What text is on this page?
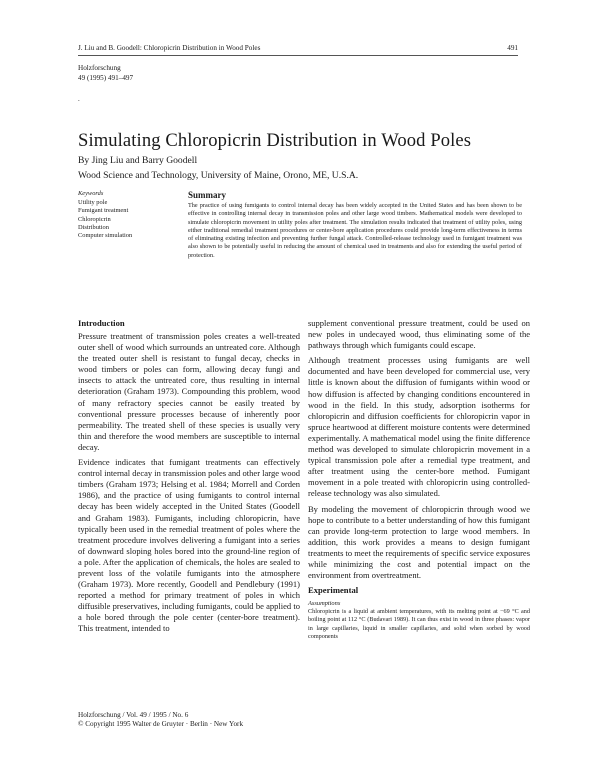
J. Liu and B. Goodell: Chloropicrin Distribution in Wood Poles	491
Holzforschung
49 (1995) 491–497
.
Simulating Chloropicrin Distribution in Wood Poles
By Jing Liu and Barry Goodell
Wood Science and Technology, University of Maine, Orono, ME, U.S.A.
Keywords
Utility pole
Fumigant treatment
Chloropicrin
Distribution
Computer simulation
Summary

The practice of using fumigants to control internal decay has been widely accepted in the United States and has been shown to be effective in controlling internal decay in transmission poles and other large wood timbers. Mathematical models were developed to simulate chloropicrin movement in utility poles after treatment. The simulation results indicated that treatment of utility poles, using either traditional remedial treatment procedures or center-bore application procedures could provide long-term effectiveness in terms of eliminating existing infection and preventing further fungal attack. Controlled-release technology used in fumigant treatment was also shown to be potentially useful in reducing the amount of chemical used in treatments and also for extending the useful period of protection.

Introduction

Pressure treatment of transmission poles creates a well-treated outer shell of wood which surrounds an untreated core. Although the treated outer shell is resistant to fungal decay, checks in wood timbers or poles can form, allowing decay fungi and insects to attack the untreated core, thus resulting in internal deterioration (Graham 1973). Compounding this problem, wood of many refractory species cannot be easily treated by conventional pressure processes because of inherently poor permeability. The treated shell of these species is usually very thin and therefore the wood members are susceptible to internal decay.

Evidence indicates that fumigant treatments can effectively control internal decay in transmission poles and other large wood timbers (Graham 1973; Helsing et al. 1984; Morrell and Corden 1986), and the practice of using fumigants to control internal decay has been widely accepted in the United States (Goodell and Graham 1983). Fumigants, including chloropicrin, have typically been used in the remedial treatment of poles where the treatment procedure involves delivering a fumigant into a series of downward sloping holes bored into the ground-line region of a pole. After the application of chemicals, the holes are sealed to prevent loss of the volatile fumigants into the atmosphere (Graham 1973). More recently, Goodell and Pendlebury (1991) reported a method for primary treatment of poles in which diffusible preservatives, including fumigants, could be applied to a hole bored through the pole center (center-bore treatment). This treatment, intended to

supplement conventional pressure treatment, could be used on new poles in undecayed wood, thus eliminating some of the pathways through which fumigants could escape.

Although treatment processes using fumigants are well documented and have been developed for commercial use, very little is known about the diffusion of fumigants within wood or how diffusion is affected by changing conditions encountered in wood in the field. In this study, adsorption isotherms for chloropicrin and diffusion coefficients for chloropicrin vapor in spruce heartwood at different moisture contents were determined experimentally. A mathematical model using the finite difference method was developed to simulate chloropicrin movement in a typical transmission pole after a remedial type treatment, and after treatment using the center-bore method. Fumigant movement in a pole treated with chloropicrin using controlled-release technology was also simulated.

By modeling the movement of chloropicrin through wood we hope to contribute to a better understanding of how this fumigant can provide long-term protection to large wood members. In addition, this work provides a means to design fumigant treatments to meet the requirements of specific service exposures while minimizing the cost and potential impact on the environment from overtreatment.

Experimental
Assumptions

Chloropicrin is a liquid at ambient temperatures, with its melting point at −69 °C and boiling point at 112 °C (Budavari 1989). It can thus exist in wood in three phases: vapor in large capillaries, liquid in smaller capillaries, and solid when sorbed by wood components

Holzforschung / Vol. 49 / 1995 / No. 6
© Copyright 1995 Walter de Gruyter · Berlin · New York
